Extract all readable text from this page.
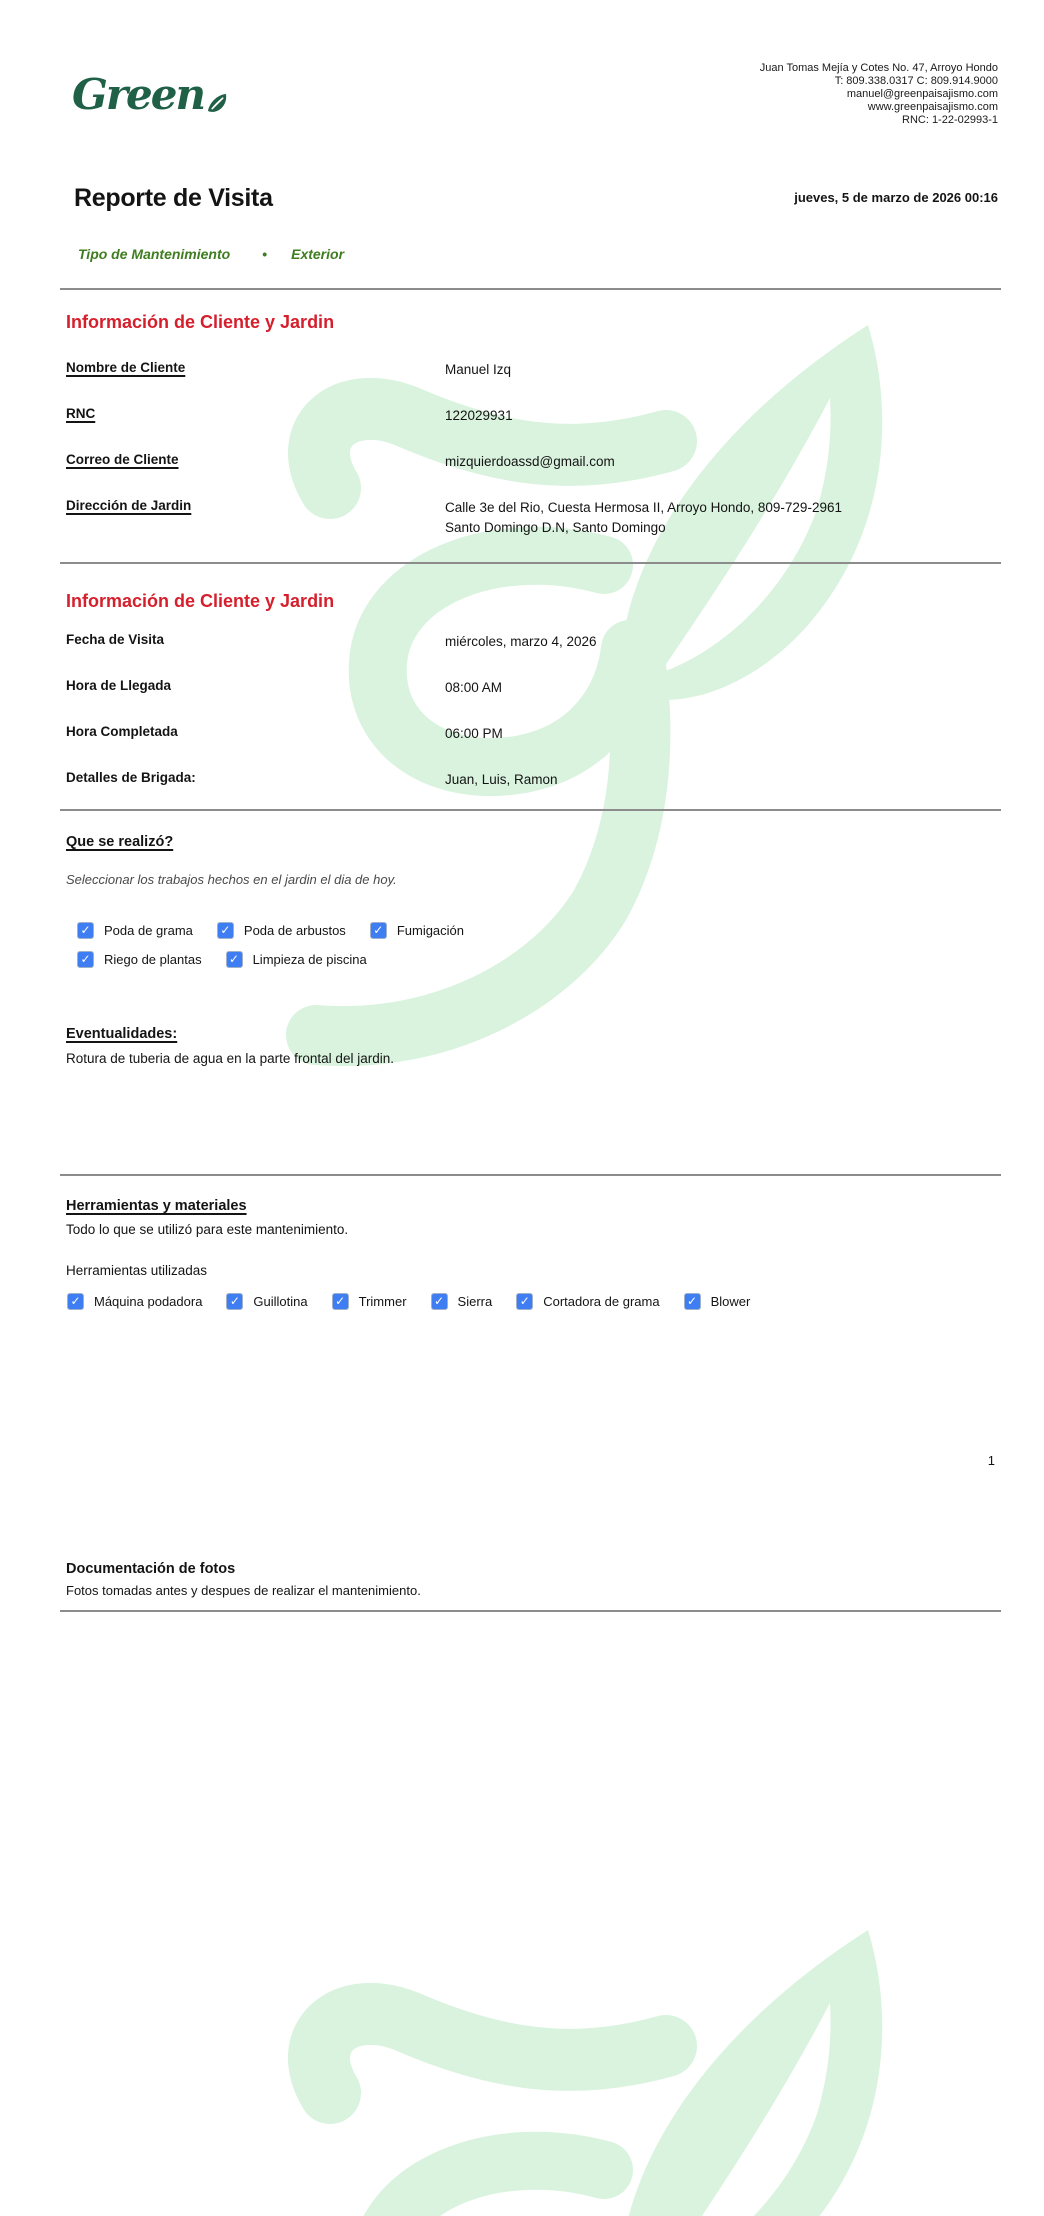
Green
Juan Tomas Mejía y Cotes No. 47, Arroyo Hondo
T: 809.338.0317 C: 809.914.9000
manuel@greenpaisajismo.com
www.greenpaisajismo.com
RNC: 1-22-02993-1
Reporte de Visita	jueves, 5 de marzo de 2026 00:16
Tipo de Mantenimiento • Exterior
Información de Cliente y Jardin
Nombre de Cliente	Manuel Izq
RNC	122029931
Correo de Cliente	mizquierdoassd@gmail.com
Dirección de Jardin	Calle 3e del Rio, Cuesta Hermosa II, Arroyo Hondo, 809-729-2961
Santo Domingo D.N, Santo Domingo
Información de Cliente y Jardin
Fecha de Visita	miércoles, marzo 4, 2026
Hora de Llegada	08:00 AM
Hora Completada	06:00 PM
Detalles de Brigada:	Juan, Luis, Ramon
Que se realizó?
Seleccionar los trabajos hechos en el jardin el dia de hoy.
✓
Poda de grama ✓	Poda de arbustos ✓	Fumigación
✓
Riego de plantas ✓	Limpieza de piscina
Eventualidades:
Rotura de tuberia de agua en la parte frontal del jardin.
Herramientas y materiales
Todo lo que se utilizó para este mantenimiento.
Herramientas utilizadas
✓
Máquina podadora ✓	Guillotina ✓	Trimmer ✓	Sierra ✓	Cortadora de grama ✓	Blower
1
Documentación de fotos
Fotos tomadas antes y despues de realizar el mantenimiento.
